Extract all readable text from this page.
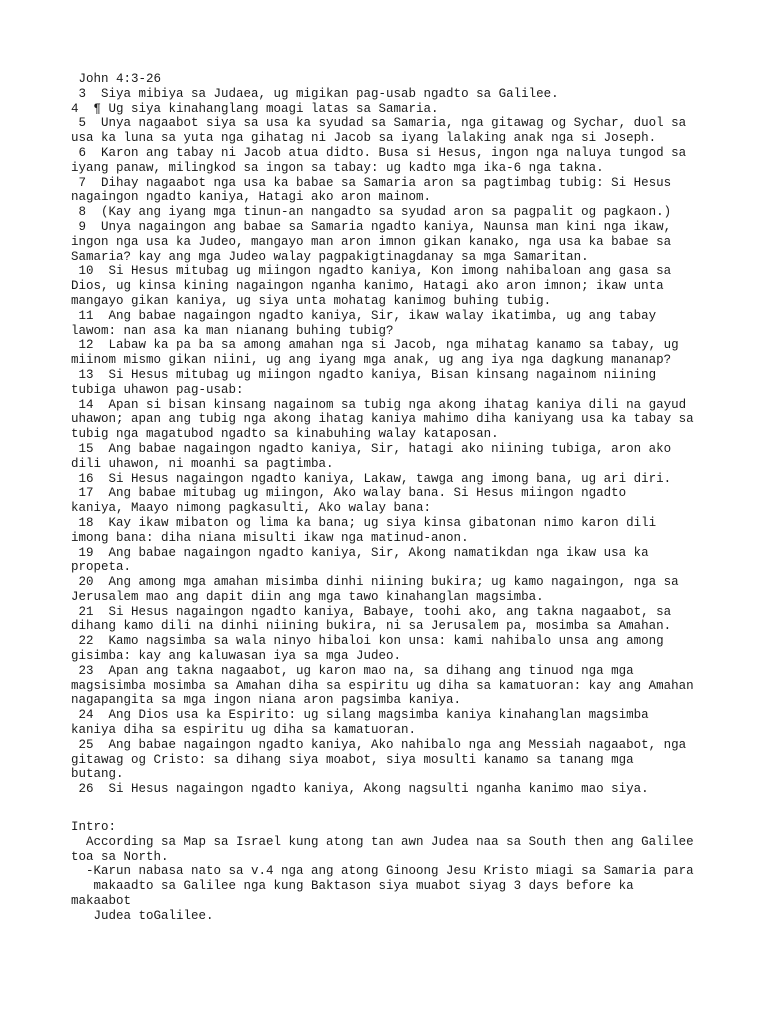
John 4:3-26
3  Siya mibiya sa Judaea, ug migikan pag-usab ngadto sa Galilee.
4  ¶ Ug siya kinahanglang moagi latas sa Samaria.
5  Unya nagaabot siya sa usa ka syudad sa Samaria, nga gitawag og Sychar, duol sa
usa ka luna sa yuta nga gihatag ni Jacob sa iyang lalaking anak nga si Joseph.
6  Karon ang tabay ni Jacob atua didto. Busa si Hesus, ingon nga naluya tungod sa
iyang panaw, milingkod sa ingon sa tabay: ug kadto mga ika-6 nga takna.
7  Dihay nagaabot nga usa ka babae sa Samaria aron sa pagtimbag tubig: Si Hesus
nagaingon ngadto kaniya, Hatagi ako aron mainom.
8  (Kay ang iyang mga tinun-an nangadto sa syudad aron sa pagpalit og pagkaon.)
9  Unya nagaingon ang babae sa Samaria ngadto kaniya, Naunsa man kini nga ikaw,
ingon nga usa ka Judeo, mangayo man aron imnon gikan kanako, nga usa ka babae sa
Samaria? kay ang mga Judeo walay pagpakigtinagdanay sa mga Samaritan.
10  Si Hesus mitubag ug miingon ngadto kaniya, Kon imong nahibaloan ang gasa sa
Dios, ug kinsa kining nagaingon nganha kanimo, Hatagi ako aron imnon; ikaw unta
mangayo gikan kaniya, ug siya unta mohatag kanimog buhing tubig.
11  Ang babae nagaingon ngadto kaniya, Sir, ikaw walay ikatimba, ug ang tabay
lawom: nan asa ka man nianang buhing tubig?
12  Labaw ka pa ba sa among amahan nga si Jacob, nga mihatag kanamo sa tabay, ug
miinom mismo gikan niini, ug ang iyang mga anak, ug ang iya nga dagkung mananap?
13  Si Hesus mitubag ug miingon ngadto kaniya, Bisan kinsang nagainom niining
tubiga uhawon pag-usab:
14  Apan si bisan kinsang nagainom sa tubig nga akong ihatag kaniya dili na gayud
uhawon; apan ang tubig nga akong ihatag kaniya mahimo diha kaniyang usa ka tabay sa
tubig nga magatubod ngadto sa kinabuhing walay kataposan.
15  Ang babae nagaingon ngadto kaniya, Sir, hatagi ako niining tubiga, aron ako
dili uhawon, ni moanhi sa pagtimba.
16  Si Hesus nagaingon ngadto kaniya, Lakaw, tawga ang imong bana, ug ari diri.
17  Ang babae mitubag ug miingon, Ako walay bana. Si Hesus miingon ngadto
kaniya, Maayo nimong pagkasulti, Ako walay bana:
18  Kay ikaw mibaton og lima ka bana; ug siya kinsa gibatonan nimo karon dili
imong bana: diha niana misulti ikaw nga matinud-anon.
19  Ang babae nagaingon ngadto kaniya, Sir, Akong namatikdan nga ikaw usa ka
propeta.
20  Ang among mga amahan misimba dinhi niining bukira; ug kamo nagaingon, nga sa
Jerusalem mao ang dapit diin ang mga tawo kinahanglan magsimba.
21  Si Hesus nagaingon ngadto kaniya, Babaye, toohi ako, ang takna nagaabot, sa
dihang kamo dili na dinhi niining bukira, ni sa Jerusalem pa, mosimba sa Amahan.
22  Kamo nagsimba sa wala ninyo hibaloi kon unsa: kami nahibalo unsa ang among
gisimba: kay ang kaluwasan iya sa mga Judeo.
23  Apan ang takna nagaabot, ug karon mao na, sa dihang ang tinuod nga mga
magsisimba mosimba sa Amahan diha sa espiritu ug diha sa kamatuoran: kay ang Amahan
nagapangita sa mga ingon niana aron pagsimba kaniya.
24  Ang Dios usa ka Espirito: ug silang magsimba kaniya kinahanglan magsimba
kaniya diha sa espiritu ug diha sa kamatuoran.
25  Ang babae nagaingon ngadto kaniya, Ako nahibalo nga ang Messiah nagaabot, nga
gitawag og Cristo: sa dihang siya moabot, siya mosulti kanamo sa tanang mga
butang.
26  Si Hesus nagaingon ngadto kaniya, Akong nagsulti nganha kanimo mao siya.
Intro:
According sa Map sa Israel kung atong tan awn Judea naa sa South then ang Galilee
toa sa North.
-Karun nabasa nato sa v.4 nga ang atong Ginoong Jesu Kristo miagi sa Samaria para
makaadto sa Galilee nga kung Baktason siya muabot siyag 3 days before ka
makaabot
Judea toGalilee.
